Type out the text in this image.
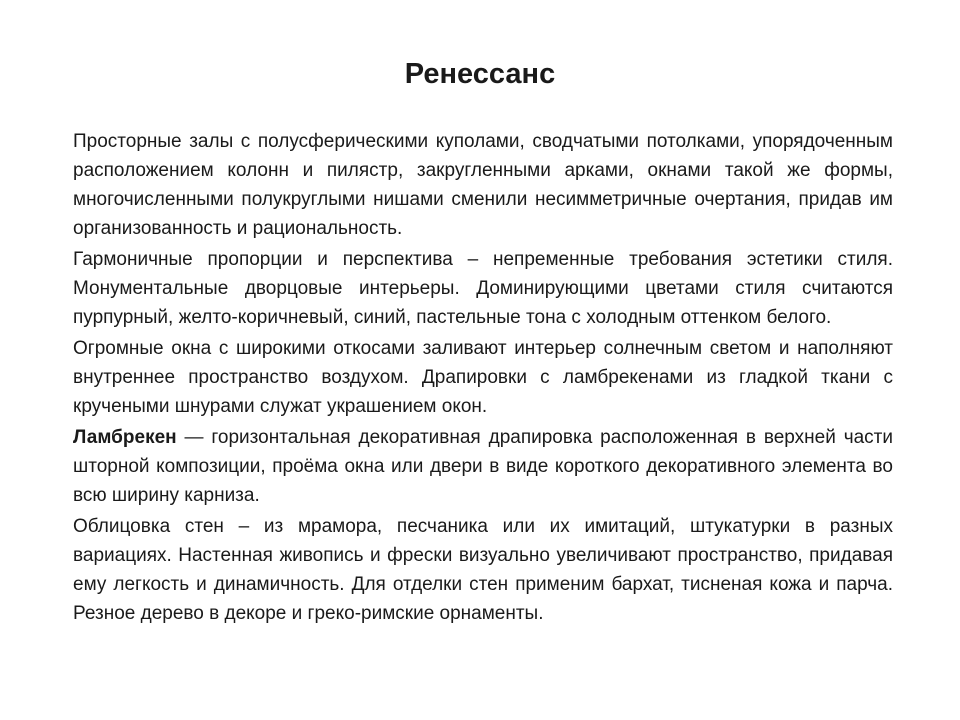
Ренессанс

Просторные залы с полусферическими куполами, сводчатыми потолками, упорядоченным расположением колонн и пилястр, закругленными арками, окнами такой же формы, многочисленными полукруглыми нишами сменили несимметричные очертания, придав им организованность и рациональность.

Гармоничные пропорции и перспектива – непременные требования эстетики стиля. Монументальные дворцовые интерьеры. Доминирующими цветами стиля считаются пурпурный, желто-коричневый, синий, пастельные тона с холодным оттенком белого.

Огромные окна с широкими откосами заливают интерьер солнечным светом и наполняют внутреннее пространство воздухом. Драпировки с ламбрекенами из гладкой ткани с кручеными шнурами служат украшением окон.

Ламбрекен — горизонтальная декоративная драпировка расположенная в верхней части шторной композиции, проёма окна или двери в виде короткого декоративного элемента во всю ширину карниза.

Облицовка стен – из мрамора, песчаника или их имитаций, штукатурки в разных вариациях. Настенная живопись и фрески визуально увеличивают пространство, придавая ему легкость и динамичность. Для отделки стен применим бархат, тисненая кожа и парча. Резное дерево в декоре и греко-римские орнаменты.
